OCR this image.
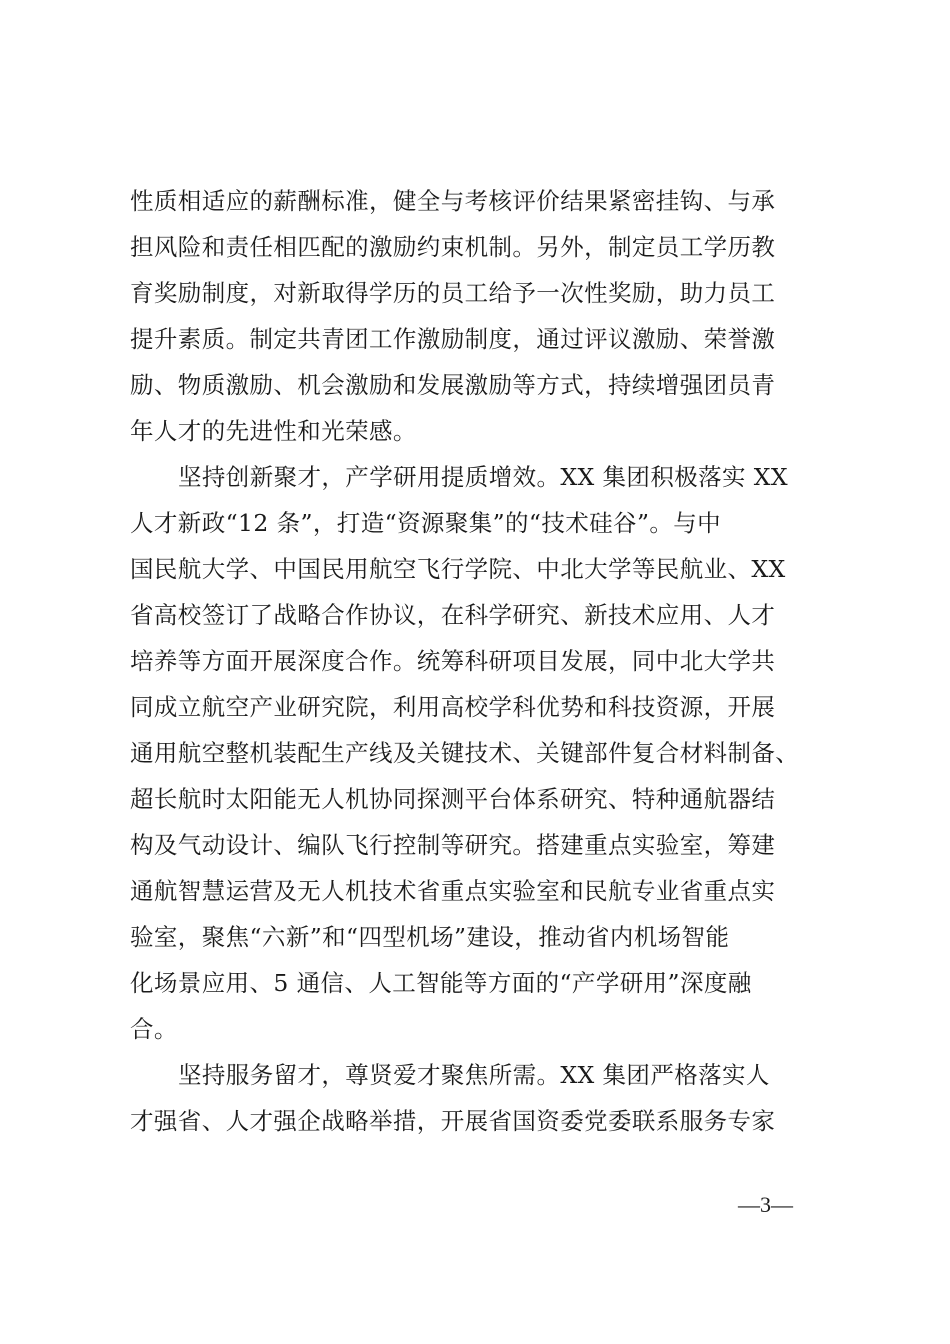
性质相适应的薪酬标准，健全与考核评价结果紧密挂钩、与承
担风险和责任相匹配的激励约束机制。另外，制定员工学历教
育奖励制度，对新取得学历的员工给予一次性奖励，助力员工
提升素质。制定共青团工作激励制度，通过评议激励、荣誉激
励、物质激励、机会激励和发展激励等方式，持续增强团员青
年人才的先进性和光荣感。
坚持创新聚才，产学研用提质增效。XX 集团积极落实 XX
人才新政“12 条”，打造“资源聚集”的“技术硅谷”。与中
国民航大学、中国民用航空飞行学院、中北大学等民航业、XX
省高校签订了战略合作协议，在科学研究、新技术应用、人才
培养等方面开展深度合作。统筹科研项目发展，同中北大学共
同成立航空产业研究院，利用高校学科优势和科技资源，开展
通用航空整机装配生产线及关键技术、关键部件复合材料制备、
超长航时太阳能无人机协同探测平台体系研究、特种通航器结
构及气动设计、编队飞行控制等研究。搭建重点实验室，筹建
通航智慧运营及无人机技术省重点实验室和民航专业省重点实
验室，聚焦“六新”和“四型机场”建设，推动省内机场智能
化场景应用、5 通信、人工智能等方面的“产学研用”深度融
合。
坚持服务留才，尊贤爱才聚焦所需。XX 集团严格落实人
才强省、人才强企战略举措，开展省国资委党委联系服务专家
—3—
